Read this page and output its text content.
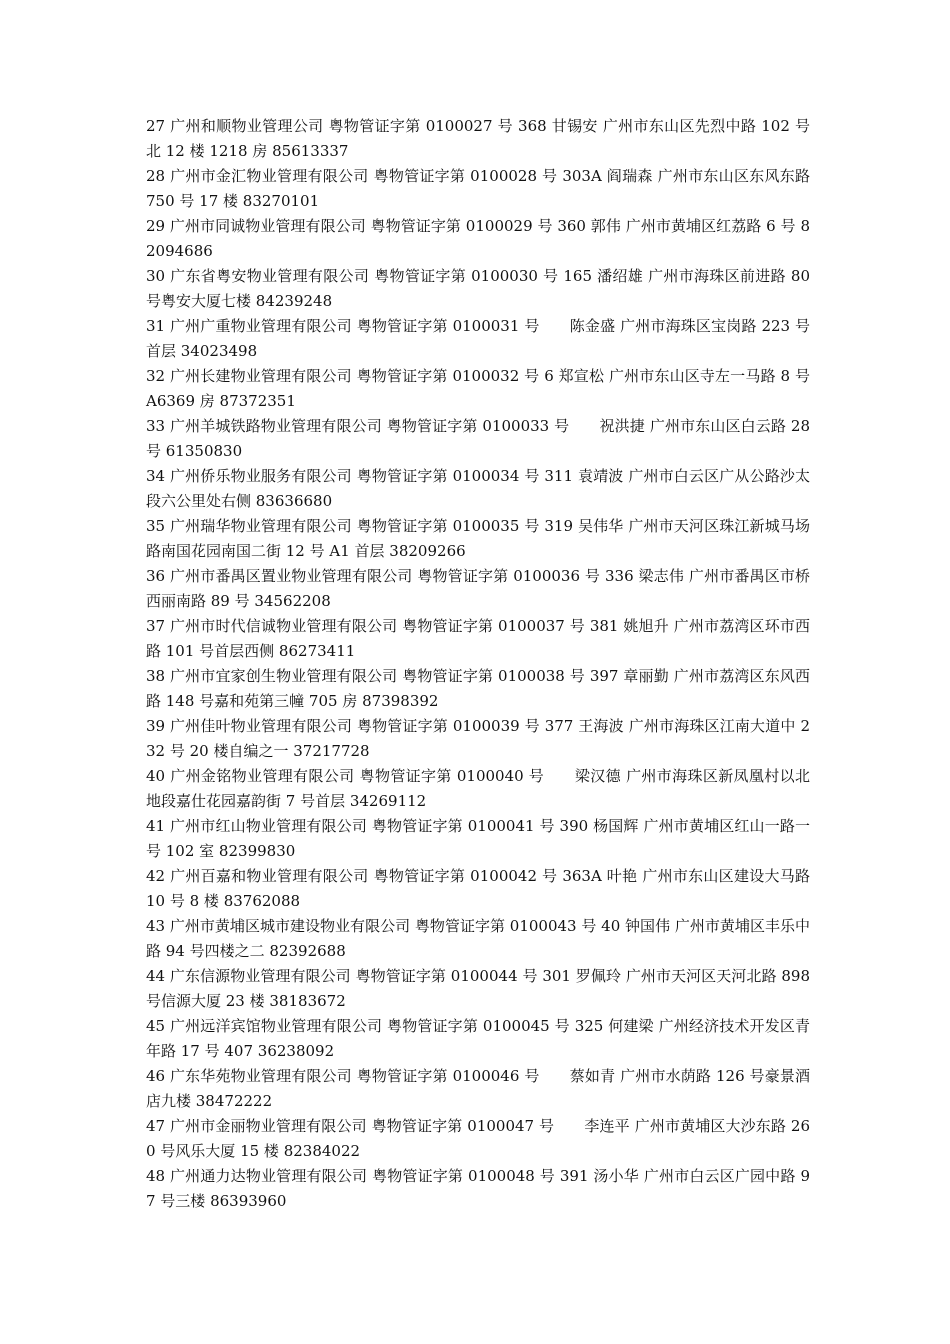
27 广州和顺物业管理公司 粤物管证字第 0100027 号 368 甘锡安 广州市东山区先烈中路 102 号北 12 楼 1218 房 85613337

28 广州市金汇物业管理有限公司 粤物管证字第 0100028 号 303A 阎瑞森 广州市东山区东风东路 750 号 17 楼 83270101

29 广州市同诚物业管理有限公司 粤物管证字第 0100029 号 360 郭伟 广州市黄埔区红荔路 6 号 82094686

30 广东省粤安物业管理有限公司 粤物管证字第 0100030 号 165 潘绍雄 广州市海珠区前进路 80 号粤安大厦七楼 84239248

31 广州广重物业管理有限公司 粤物管证字第 0100031 号　　陈金盛 广州市海珠区宝岗路 223 号首层 34023498

32 广州长建物业管理有限公司 粤物管证字第 0100032 号 6 郑宣松 广州市东山区寺左一马路 8 号 A6369 房 87372351

33 广州羊城铁路物业管理有限公司 粤物管证字第 0100033 号　　祝洪捷 广州市东山区白云路 28 号 61350830

34 广州侨乐物业服务有限公司 粤物管证字第 0100034 号 311 袁靖波 广州市白云区广从公路沙太段六公里处右侧 83636680

35 广州瑞华物业管理有限公司 粤物管证字第 0100035 号 319 吴伟华 广州市天河区珠江新城马场路南国花园南国二街 12 号 A1 首层 38209266

36 广州市番禺区置业物业管理有限公司 粤物管证字第 0100036 号 336 梁志伟 广州市番禺区市桥西丽南路 89 号 34562208

37 广州市时代信诚物业管理有限公司 粤物管证字第 0100037 号 381 姚旭升 广州市荔湾区环市西路 101 号首层西侧 86273411

38 广州市宜家创生物业管理有限公司 粤物管证字第 0100038 号 397 章丽勤 广州市荔湾区东风西路 148 号嘉和苑第三幢 705 房 87398392

39 广州佳叶物业管理有限公司 粤物管证字第 0100039 号 377 王海波 广州市海珠区江南大道中 232 号 20 楼自编之一 37217728

40 广州金铭物业管理有限公司 粤物管证字第 0100040 号　　梁汉德 广州市海珠区新凤凰村以北地段嘉仕花园嘉韵街 7 号首层 34269112

41 广州市红山物业管理有限公司 粤物管证字第 0100041 号 390 杨国辉 广州市黄埔区红山一路一号 102 室 82399830

42 广州百嘉和物业管理有限公司 粤物管证字第 0100042 号 363A 叶艳 广州市东山区建设大马路 10 号 8 楼 83762088

43 广州市黄埔区城市建设物业有限公司 粤物管证字第 0100043 号 40 钟国伟 广州市黄埔区丰乐中路 94 号四楼之二 82392688

44 广东信源物业管理有限公司 粤物管证字第 0100044 号 301 罗佩玲 广州市天河区天河北路 898 号信源大厦 23 楼 38183672

45 广州远洋宾馆物业管理有限公司 粤物管证字第 0100045 号 325 何建梁 广州经济技术开发区青年路 17 号 407 36238092

46 广东华苑物业管理有限公司 粤物管证字第 0100046 号　　蔡如青 广州市水荫路 126 号豪景酒店九楼 38472222

47 广州市金丽物业管理有限公司 粤物管证字第 0100047 号　　李连平 广州市黄埔区大沙东路 260 号风乐大厦 15 楼 82384022

48 广州通力达物业管理有限公司 粤物管证字第 0100048 号 391 汤小华 广州市白云区广园中路 97 号三楼 86393960
